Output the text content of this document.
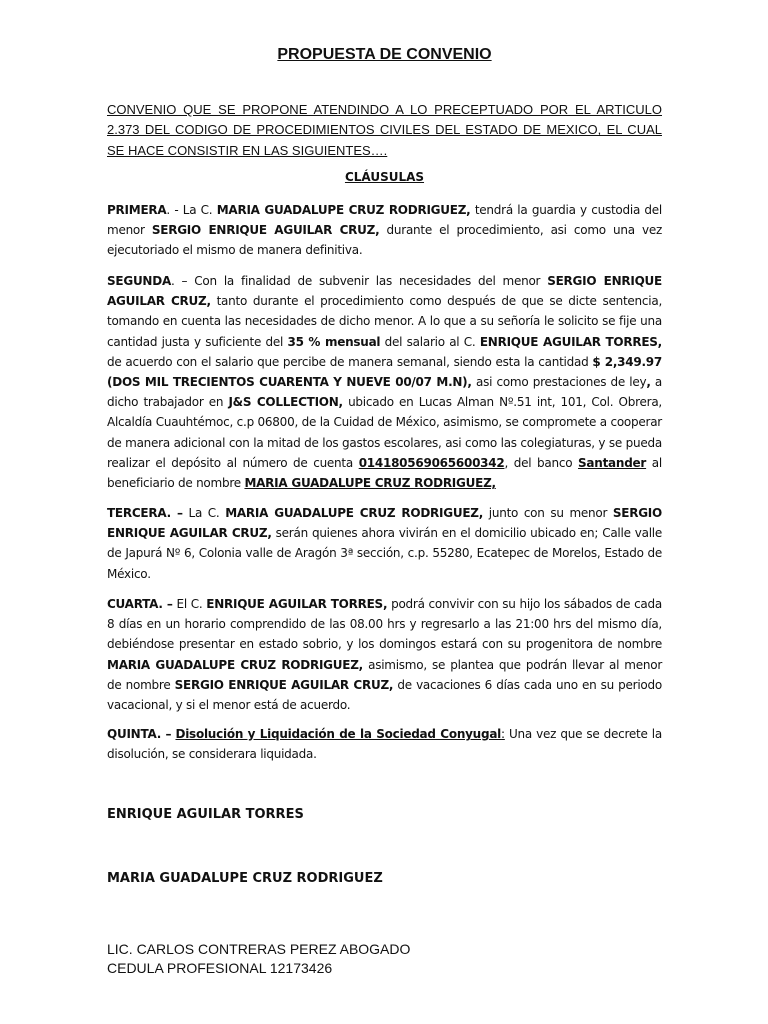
PROPUESTA DE CONVENIO
CONVENIO QUE SE PROPONE ATENDINDO A LO PRECEPTUADO POR EL ARTICULO 2.373 DEL CODIGO DE PROCEDIMIENTOS CIVILES DEL ESTADO DE MEXICO, EL CUAL SE HACE CONSISTIR EN LAS SIGUIENTES….
CLÁUSULAS
PRIMERA. - La C. MARIA GUADALUPE CRUZ RODRIGUEZ, tendrá la guardia y custodia del menor SERGIO ENRIQUE AGUILAR CRUZ, durante el procedimiento, asi como una vez ejecutoriado el mismo de manera definitiva.
SEGUNDA. – Con la finalidad de subvenir las necesidades del menor SERGIO ENRIQUE AGUILAR CRUZ, tanto durante el procedimiento como después de que se dicte sentencia, tomando en cuenta las necesidades de dicho menor. A lo que a su señoría le solicito se fije una cantidad justa y suficiente del 35 % mensual del salario al C. ENRIQUE AGUILAR TORRES, de acuerdo con el salario que percibe de manera semanal, siendo esta la cantidad $ 2,349.97 (DOS MIL TRECIENTOS CUARENTA Y NUEVE 00/07 M.N), asi como prestaciones de ley, a dicho trabajador en J&S COLLECTION, ubicado en Lucas Alman Nº.51 int, 101, Col. Obrera, Alcaldía Cuauhtémoc, c.p 06800, de la Cuidad de México, asimismo, se compromete a cooperar de manera adicional con la mitad de los gastos escolares, asi como las colegiaturas, y se pueda realizar el depósito al número de cuenta 014180569065600342, del banco Santander al beneficiario de nombre MARIA GUADALUPE CRUZ RODRIGUEZ,
TERCERA. – La C. MARIA GUADALUPE CRUZ RODRIGUEZ, junto con su menor SERGIO ENRIQUE AGUILAR CRUZ, serán quienes ahora vivirán en el domicilio ubicado en; Calle valle de Japurá Nº 6, Colonia valle de Aragón 3ª sección, c.p. 55280, Ecatepec de Morelos, Estado de México.
CUARTA. – El C. ENRIQUE AGUILAR TORRES, podrá convivir con su hijo los sábados de cada 8 días en un horario comprendido de las 08.00 hrs y regresarlo a las 21:00 hrs del mismo día, debiéndose presentar en estado sobrio, y los domingos estará con su progenitora de nombre MARIA GUADALUPE CRUZ RODRIGUEZ, asimismo, se plantea que podrán llevar al menor de nombre SERGIO ENRIQUE AGUILAR CRUZ, de vacaciones 6 días cada uno en su periodo vacacional, y si el menor está de acuerdo.
QUINTA. – Disolución y Liquidación de la Sociedad Conyugal: Una vez que se decrete la disolución, se considerara liquidada.
ENRIQUE AGUILAR TORRES
MARIA GUADALUPE CRUZ RODRIGUEZ
LIC. CARLOS CONTRERAS PEREZ ABOGADO
CEDULA PROFESIONAL 12173426
